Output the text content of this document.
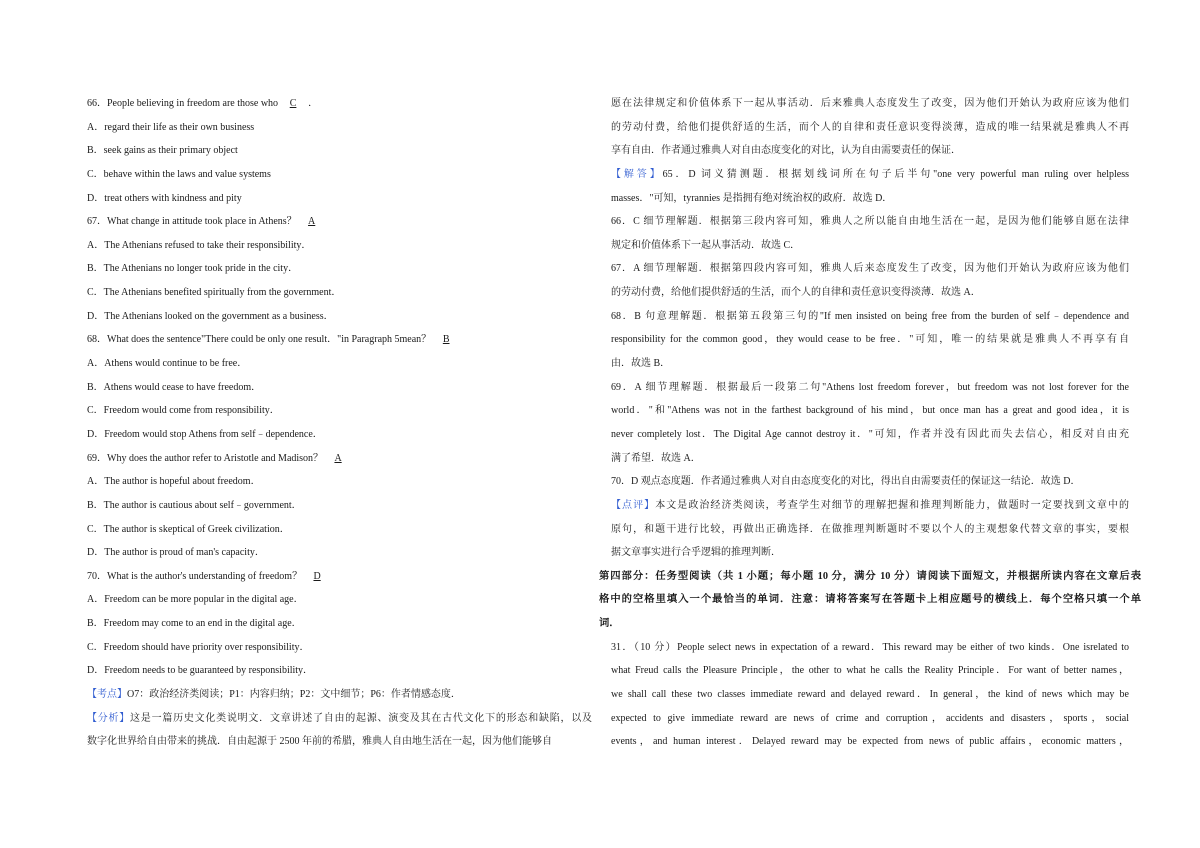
66．People believing in freedom are those who C ．
A．regard their life as their own business
B．seek gains as their primary object
C．behave within the laws and value systems
D．treat others with kindness and pity
67．What change in attitude took place in Athens？ A
A．The Athenians refused to take their responsibility．
B．The Athenians no longer took pride in the city．
C．The Athenians benefited spiritually from the government．
D．The Athenians looked on the government as a business．
68．What does the sentence"There could be only one result．"in Paragraph 5mean？ B
A．Athens would continue to be free．
B．Athens would cease to have freedom．
C．Freedom would come from responsibility．
D．Freedom would stop Athens from self﹣dependence．
69．Why does the author refer to Aristotle and Madison？ A
A．The author is hopeful about freedom．
B．The author is cautious about self﹣government．
C．The author is skeptical of Greek civilization．
D．The author is proud of man's capacity．
70．What is the author's understanding of freedom？ D
A．Freedom can be more popular in the digital age．
B．Freedom may come to an end in the digital age．
C．Freedom should have priority over responsibility．
D．Freedom needs to be guaranteed by responsibility．
【考点】O7：政治经济类阅读；P1：内容归纳；P2：文中细节；P6：作者情感态度．
【分析】这是一篇历史文化类说明文．文章讲述了自由的起源、演变及其在古代文化下的形态和缺陷，以及
数字化世界给自由带来的挑战．自由起源于 2500 年前的希腊，雅典人自由地生活在一起，因为他们能够自
愿在法律规定和价值体系下一起从事活动．后来雅典人态度发生了改变，因为他们开始认为政府应该为他们
的劳动付费，给他们提供舒适的生活，而个人的自律和责任意识变得淡薄，造成的唯一结果就是雅典人不再
享有自由．作者通过雅典人对自由态度变化的对比，认为自由需要责任的保证．
【解答】65．D 词义猜测题．根据划线词所在句子后半句"one very powerful man ruling over helpless
masses．"可知，tyrannies 是指拥有绝对统治权的政府．故选 D．
66．C 细节理解题．根据第三段内容可知，雅典人之所以能自由地生活在一起，是因为他们能够自愿在法律
规定和价值体系下一起从事活动．故选 C．
67．A 细节理解题．根据第四段内容可知，雅典人后来态度发生了改变，因为他们开始认为政府应该为他们
的劳动付费，给他们提供舒适的生活，而个人的自律和责任意识变得淡薄．故选 A．
68．B 句意理解题．根据第五段第三句的"If men insisted on being free from the burden of self﹣dependence and
responsibility for the common good，they would cease to be free．"可知，唯一的结果就是雅典人不再享有自
由．故选 B．
69．A 细节理解题．根据最后一段第二句"Athens lost freedom forever，but freedom was not lost forever for the
world．"和"Athens was not in the farthest background of his mind，but once man has a great and good idea，it is
never completely lost．The Digital Age cannot destroy it．"可知，作者并没有因此而失去信心，相反对自由充
满了希望．故选 A．
70．D 观点态度题．作者通过雅典人对自由态度变化的对比，得出自由需要责任的保证这一结论．故选 D．
【点评】本文是政治经济类阅读，考查学生对细节的理解把握和推理判断能力，做题时一定要找到文章中的
原句，和题干进行比较，再做出正确选择．在做推理判断题时不要以个人的主观想象代替文章的事实，要根
据文章事实进行合乎逻辑的推理判断．
第四部分：任务型阅读（共 1 小题；每小题 10 分，满分 10 分）请阅读下面短文，并根据所读内容在文章后表
格中的空格里填入一个最恰当的单词．注意：请将答案写在答题卡上相应题号的横线上．每个空格只填一个单
词．
31．（10 分）People select news in expectation of a reward．This reward may be either of two kinds．One isrelated to
what Freud calls the Pleasure Principle，the other to what he calls the Reality Principle．For want of better names，
we shall call these two classes immediate reward and delayed reward．In general，the kind of news which may be
expected to give immediate reward are news of crime and corruption，accidents and disasters，sports，social
events，and human interest．Delayed reward may be expected from news of public affairs，economic matters，
